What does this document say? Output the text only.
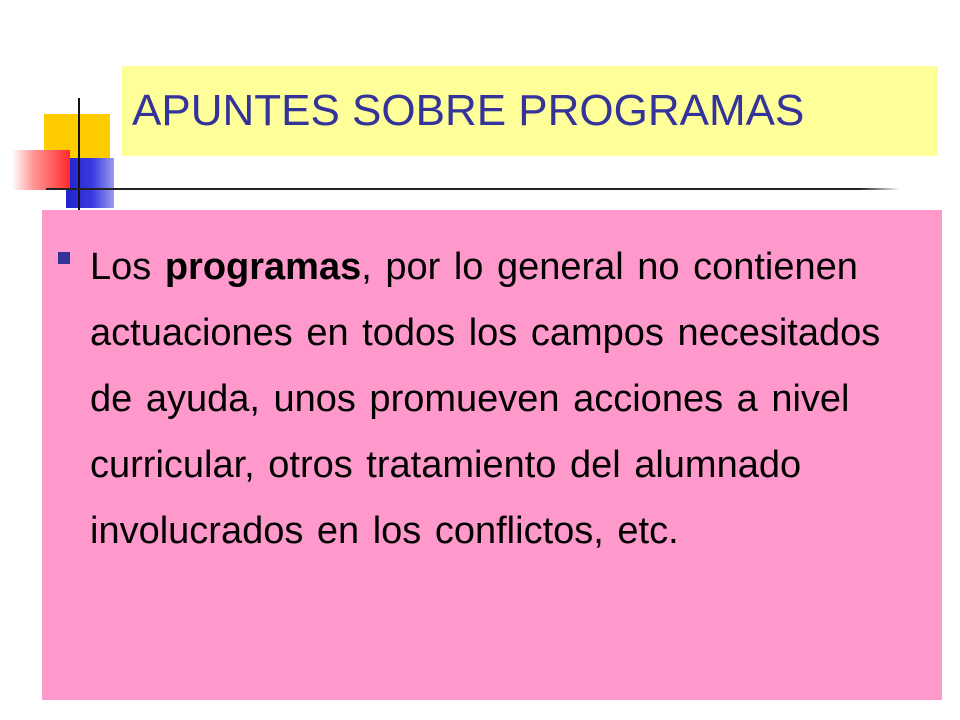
APUNTES SOBRE PROGRAMAS
Los programas, por lo general no contienen actuaciones en todos los campos necesitados de ayuda, unos promueven acciones a nivel curricular, otros tratamiento del alumnado involucrados en los conflictos, etc.
